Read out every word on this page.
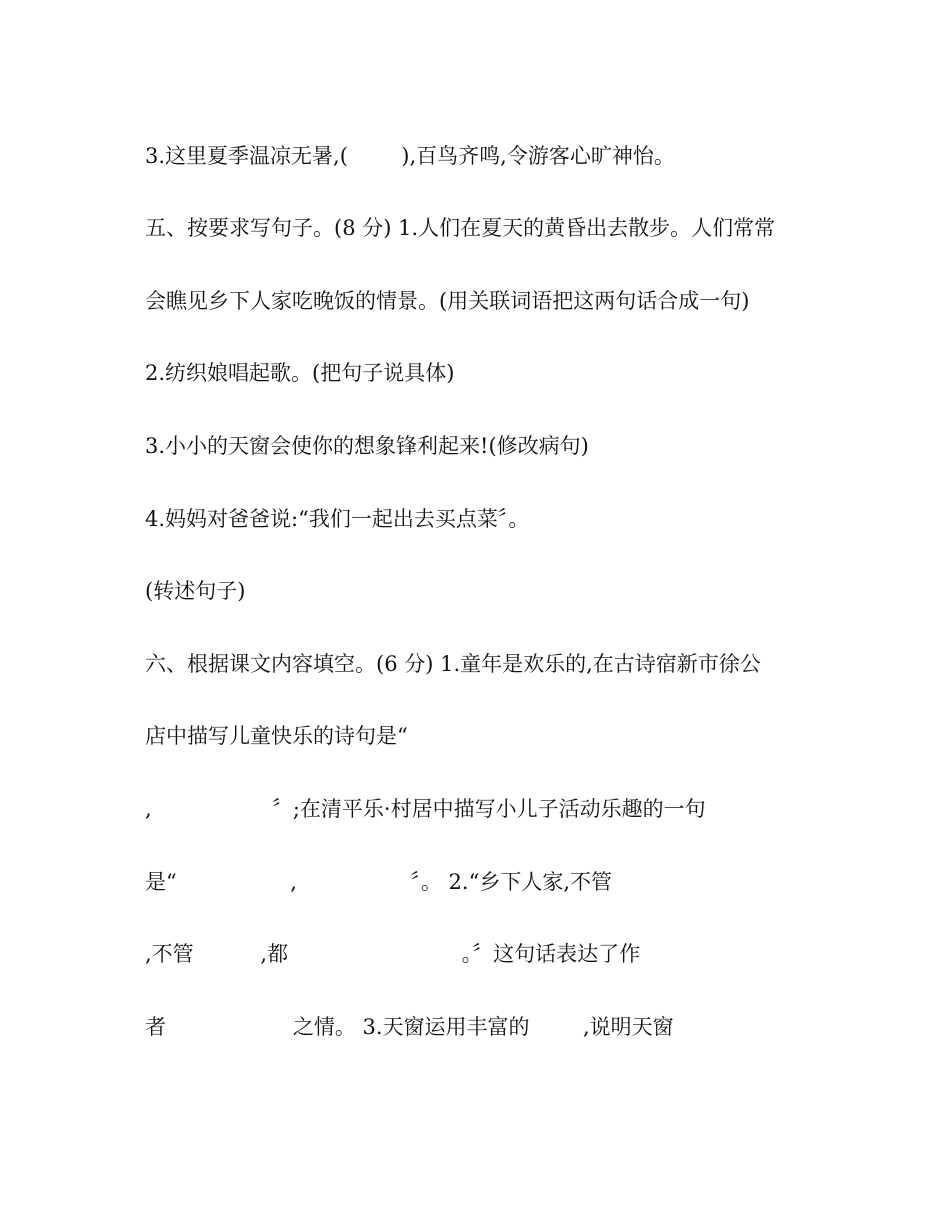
3.这里夏季温凉无暑,(        ),百鸟齐鸣,令游客心旷神怡。
五、按要求写句子。(8 分) 1.人们在夏天的黄昏出去散步。人们常常
会瞧见乡下人家吃晚饭的情景。(用关联词语把这两句话合成一句)
2.纺织娘唱起歌。(把句子说具体)
3.小小的天窗会使你的想象锋利起来!(修改病句)
4.妈妈对爸爸说:“我们一起出去买点菜〞。
(转述句子)
六、根据课文内容填空。(6 分) 1.童年是欢乐的,在古诗宿新市徐公
店中描写儿童快乐的诗句是“
,                  〞;在清平乐·村居中描写小儿子活动乐趣的一句
是“                 ,                 〞。 2.“乡下人家,不管
,不管          ,都                          。〞这句话表达了作
者                   之情。 3.天窗运用丰富的        ,说明天窗
